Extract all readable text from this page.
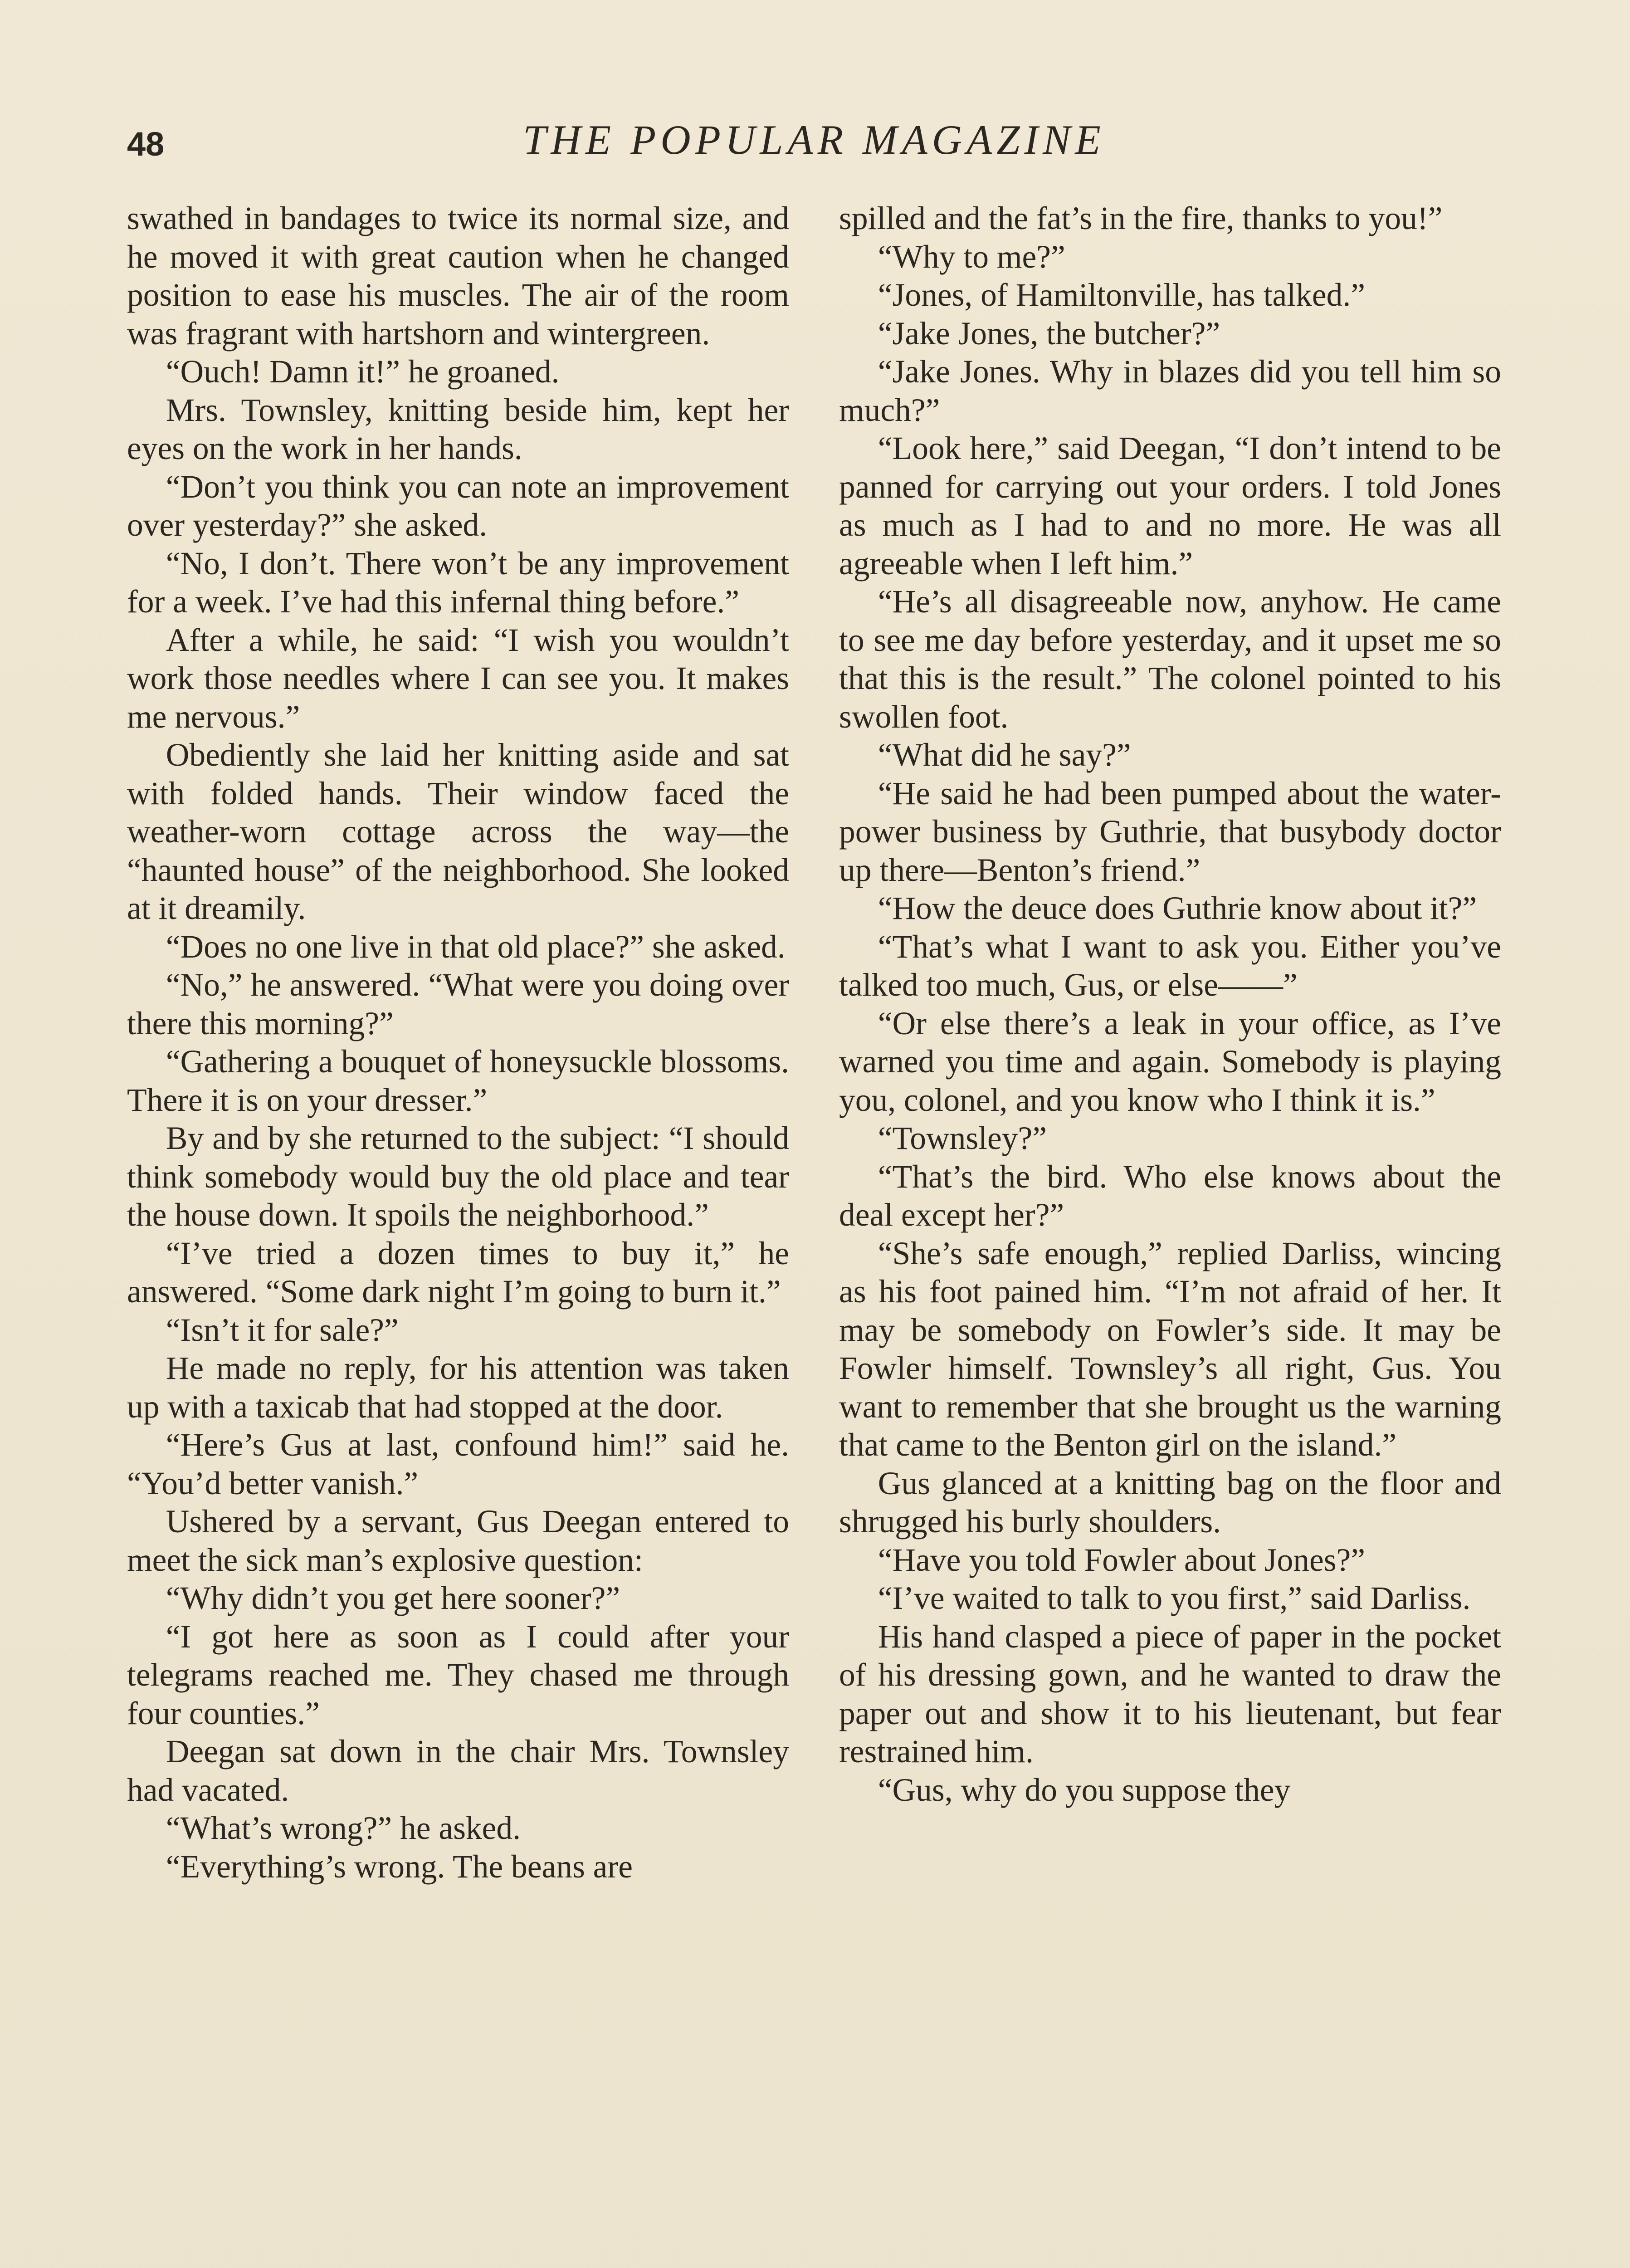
48	THE POPULAR MAGAZINE

swathed in bandages to twice its normal size, and he moved it with great caution when he changed position to ease his muscles. The air of the room was fragrant with hartshorn and wintergreen.

“Ouch! Damn it!” he groaned.

Mrs. Townsley, knitting beside him, kept her eyes on the work in her hands.

“Don’t you think you can note an improvement over yesterday?” she asked.

“No, I don’t. There won’t be any improvement for a week. I’ve had this infernal thing before.”

After a while, he said: “I wish you wouldn’t work those needles where I can see you. It makes me nervous.”

Obediently she laid her knitting aside and sat with folded hands. Their window faced the weather-worn cottage across the way—the “haunted house” of the neighborhood. She looked at it dreamily.

“Does no one live in that old place?” she asked.

“No,” he answered. “What were you doing over there this morning?”

“Gathering a bouquet of honeysuckle blossoms. There it is on your dresser.”

By and by she returned to the subject: “I should think somebody would buy the old place and tear the house down. It spoils the neighborhood.”

“I’ve tried a dozen times to buy it,” he answered. “Some dark night I’m going to burn it.”

“Isn’t it for sale?”

He made no reply, for his attention was taken up with a taxicab that had stopped at the door.

“Here’s Gus at last, confound him!” said he. “You’d better vanish.”

Ushered by a servant, Gus Deegan entered to meet the sick man’s explosive question:

“Why didn’t you get here sooner?”

“I got here as soon as I could after your telegrams reached me. They chased me through four counties.”

Deegan sat down in the chair Mrs. Townsley had vacated.

“What’s wrong?” he asked.

“Everything’s wrong. The beans are

spilled and the fat’s in the fire, thanks to you!”

“Why to me?”

“Jones, of Hamiltonville, has talked.”

“Jake Jones, the butcher?”

“Jake Jones. Why in blazes did you tell him so much?”

“Look here,” said Deegan, “I don’t intend to be panned for carrying out your orders. I told Jones as much as I had to and no more. He was all agreeable when I left him.”

“He’s all disagreeable now, anyhow. He came to see me day before yesterday, and it upset me so that this is the result.” The colonel pointed to his swollen foot.

“What did he say?”

“He said he had been pumped about the water-power business by Guthrie, that busybody doctor up there—Benton’s friend.”

“How the deuce does Guthrie know about it?”

“That’s what I want to ask you. Either you’ve talked too much, Gus, or else——”

“Or else there’s a leak in your office, as I’ve warned you time and again. Somebody is playing you, colonel, and you know who I think it is.”

“Townsley?”

“That’s the bird. Who else knows about the deal except her?”

“She’s safe enough,” replied Darliss, wincing as his foot pained him. “I’m not afraid of her. It may be somebody on Fowler’s side. It may be Fowler himself. Townsley’s all right, Gus. You want to remember that she brought us the warning that came to the Benton girl on the island.”

Gus glanced at a knitting bag on the floor and shrugged his burly shoulders.

“Have you told Fowler about Jones?”

“I’ve waited to talk to you first,” said Darliss.

His hand clasped a piece of paper in the pocket of his dressing gown, and he wanted to draw the paper out and show it to his lieutenant, but fear restrained him.

“Gus, why do you suppose they
